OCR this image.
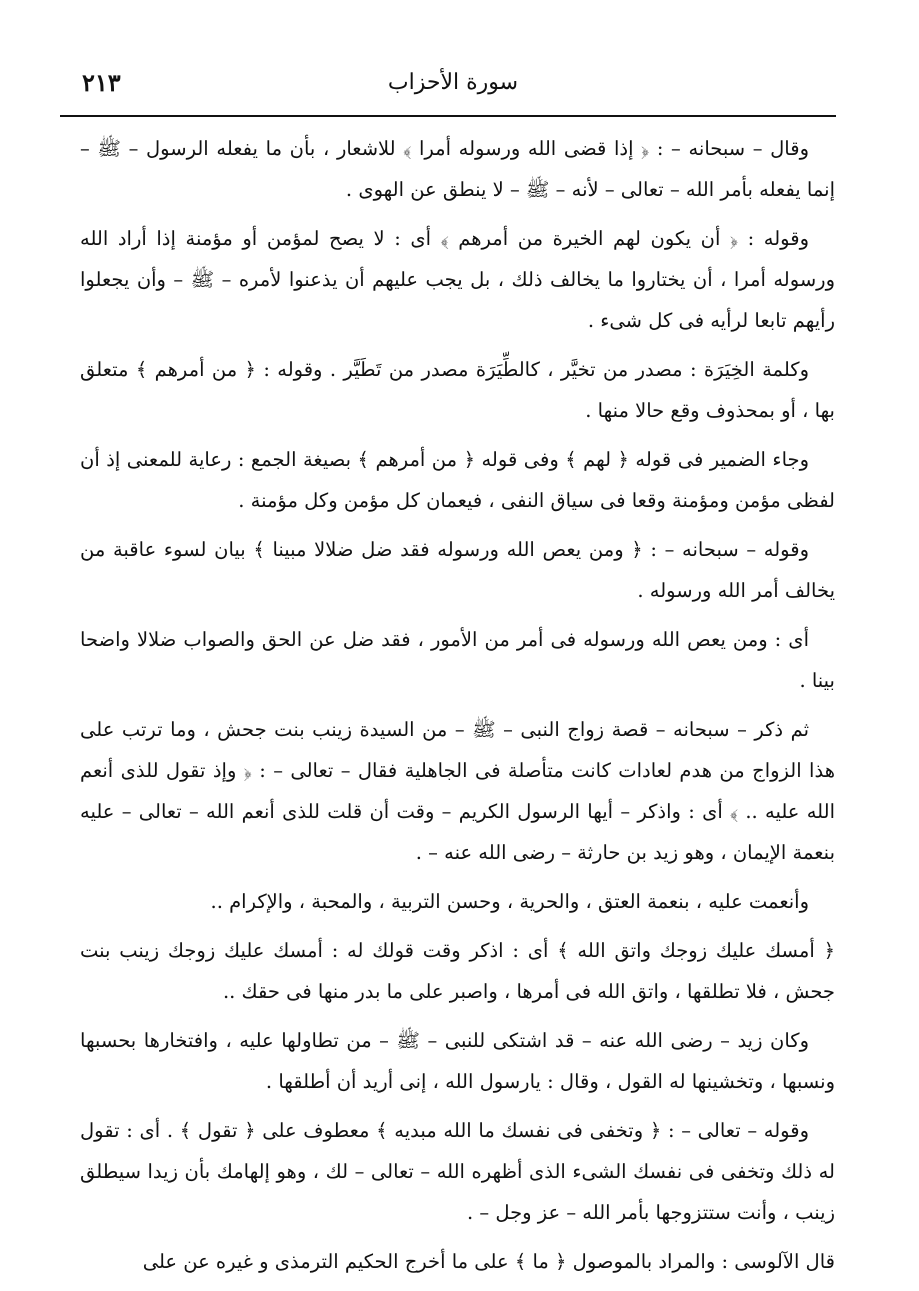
٢١٣	سورة الأحزاب

وقال – سبحانه – : ﴿ إذا قضى الله ورسوله أمرا ﴾ للاشعار ، بأن ما يفعله الرسول – ﷺ – إنما يفعله بأمر الله – تعالى – لأنه – ﷺ – لا ينطق عن الهوى .

وقوله : ﴿ أن يكون لهم الخيرة من أمرهم ﴾ أى : لا يصح لمؤمن أو مؤمنة إذا أراد الله ورسوله أمرا ، أن يختاروا ما يخالف ذلك ، بل يجب عليهم أن يذعنوا لأمره – ﷺ – وأن يجعلوا رأيهم تابعا لرأيه فى كل شىء .

وكلمة الخِيَرَة : مصدر من تخيَّر ، كالطِّيَرَة مصدر من تَطَيَّر . وقوله : ﴿ من أمرهم ﴾ متعلق بها ، أو بمحذوف وقع حالا منها .

وجاء الضمير فى قوله ﴿ لهم ﴾ وفى قوله ﴿ من أمرهم ﴾ بصيغة الجمع : رعاية للمعنى إذ أن لفظى مؤمن ومؤمنة وقعا فى سياق النفى ، فيعمان كل مؤمن وكل مؤمنة .

وقوله – سبحانه – : ﴿ ومن يعص الله ورسوله فقد ضل ضلالا مبينا ﴾ بيان لسوء عاقبة من يخالف أمر الله ورسوله .

أى : ومن يعص الله ورسوله فى أمر من الأمور ، فقد ضل عن الحق والصواب ضلالا واضحا بينا .

ثم ذكر – سبحانه – قصة زواج النبى – ﷺ – من السيدة زينب بنت جحش ، وما ترتب على هذا الزواج من هدم لعادات كانت متأصلة فى الجاهلية فقال – تعالى – : ﴿ وإذ تقول للذى أنعم الله عليه .. ﴾ أى : واذكر – أيها الرسول الكريم – وقت أن قلت للذى أنعم الله – تعالى – عليه بنعمة الإيمان ، وهو زيد بن حارثة – رضى الله عنه – .

وأنعمت عليه ، بنعمة العتق ، والحرية ، وحسن التربية ، والمحبة ، والإكرام ..

﴿ أمسك عليك زوجك واتق الله ﴾ أى : اذكر وقت قولك له : أمسك عليك زوجك زينب بنت جحش ، فلا تطلقها ، واتق الله فى أمرها ، واصبر على ما بدر منها فى حقك ..

وكان زيد – رضى الله عنه – قد اشتكى للنبى – ﷺ – من تطاولها عليه ، وافتخارها بحسبها ونسبها ، وتخشينها له القول ، وقال : يارسول الله ، إنى أريد أن أطلقها .

وقوله – تعالى – : ﴿ وتخفى فى نفسك ما الله مبديه ﴾ معطوف على ﴿ تقول ﴾ . أى : تقول له ذلك وتخفى فى نفسك الشىء الذى أظهره الله – تعالى – لك ، وهو إلهامك بأن زيدا سيطلق زينب ، وأنت ستتزوجها بأمر الله – عز وجل – .

قال الآلوسى : والمراد بالموصول ﴿ ما ﴾ على ما أخرج الحكيم الترمذى و غيره عن على
